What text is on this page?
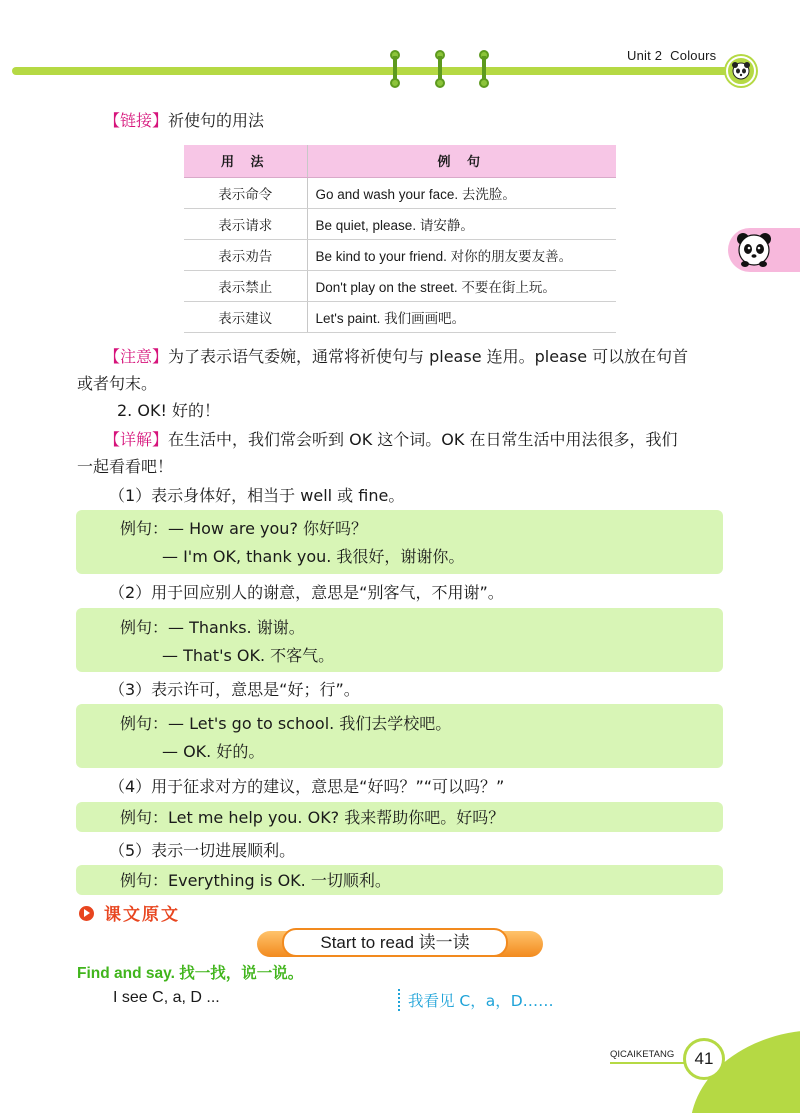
Unit 2 Colours
【链接】祈使句的用法
用 法	例 句
表示命令	Go and wash your face. 去洗脸。
表示请求	Be quiet, please. 请安静。
表示劝告	Be kind to your friend. 对你的朋友要友善。
表示禁止	Don't play on the street. 不要在街上玩。
表示建议	Let's paint. 我们画画吧。
【注意】为了表示语气委婉，通常将祈使句与 please 连用。please 可以放在句首
或者句末。
2. OK! 好的！
【详解】在生活中，我们常会听到 OK 这个词。OK 在日常生活中用法很多，我们
一起看看吧！
（1）表示身体好，相当于 well 或 fine。
例句：— How are you? 你好吗？
— I'm OK, thank you. 我很好，谢谢你。
（2）用于回应别人的谢意，意思是“别客气，不用谢”。
例句：— Thanks. 谢谢。
— That's OK. 不客气。
（3）表示许可，意思是“好；行”。
例句：— Let's go to school. 我们去学校吧。
— OK. 好的。
（4）用于征求对方的建议，意思是“好吗？”“可以吗？”
例句：Let me help you. OK? 我来帮助你吧。好吗？
（5）表示一切进展顺利。
例句：Everything is OK. 一切顺利。
课文原文
Start to read 读一读
Find and say. 找一找，说一说。
I see C, a, D ...	我看见 C，a，D……
QICAIKETANG	41
